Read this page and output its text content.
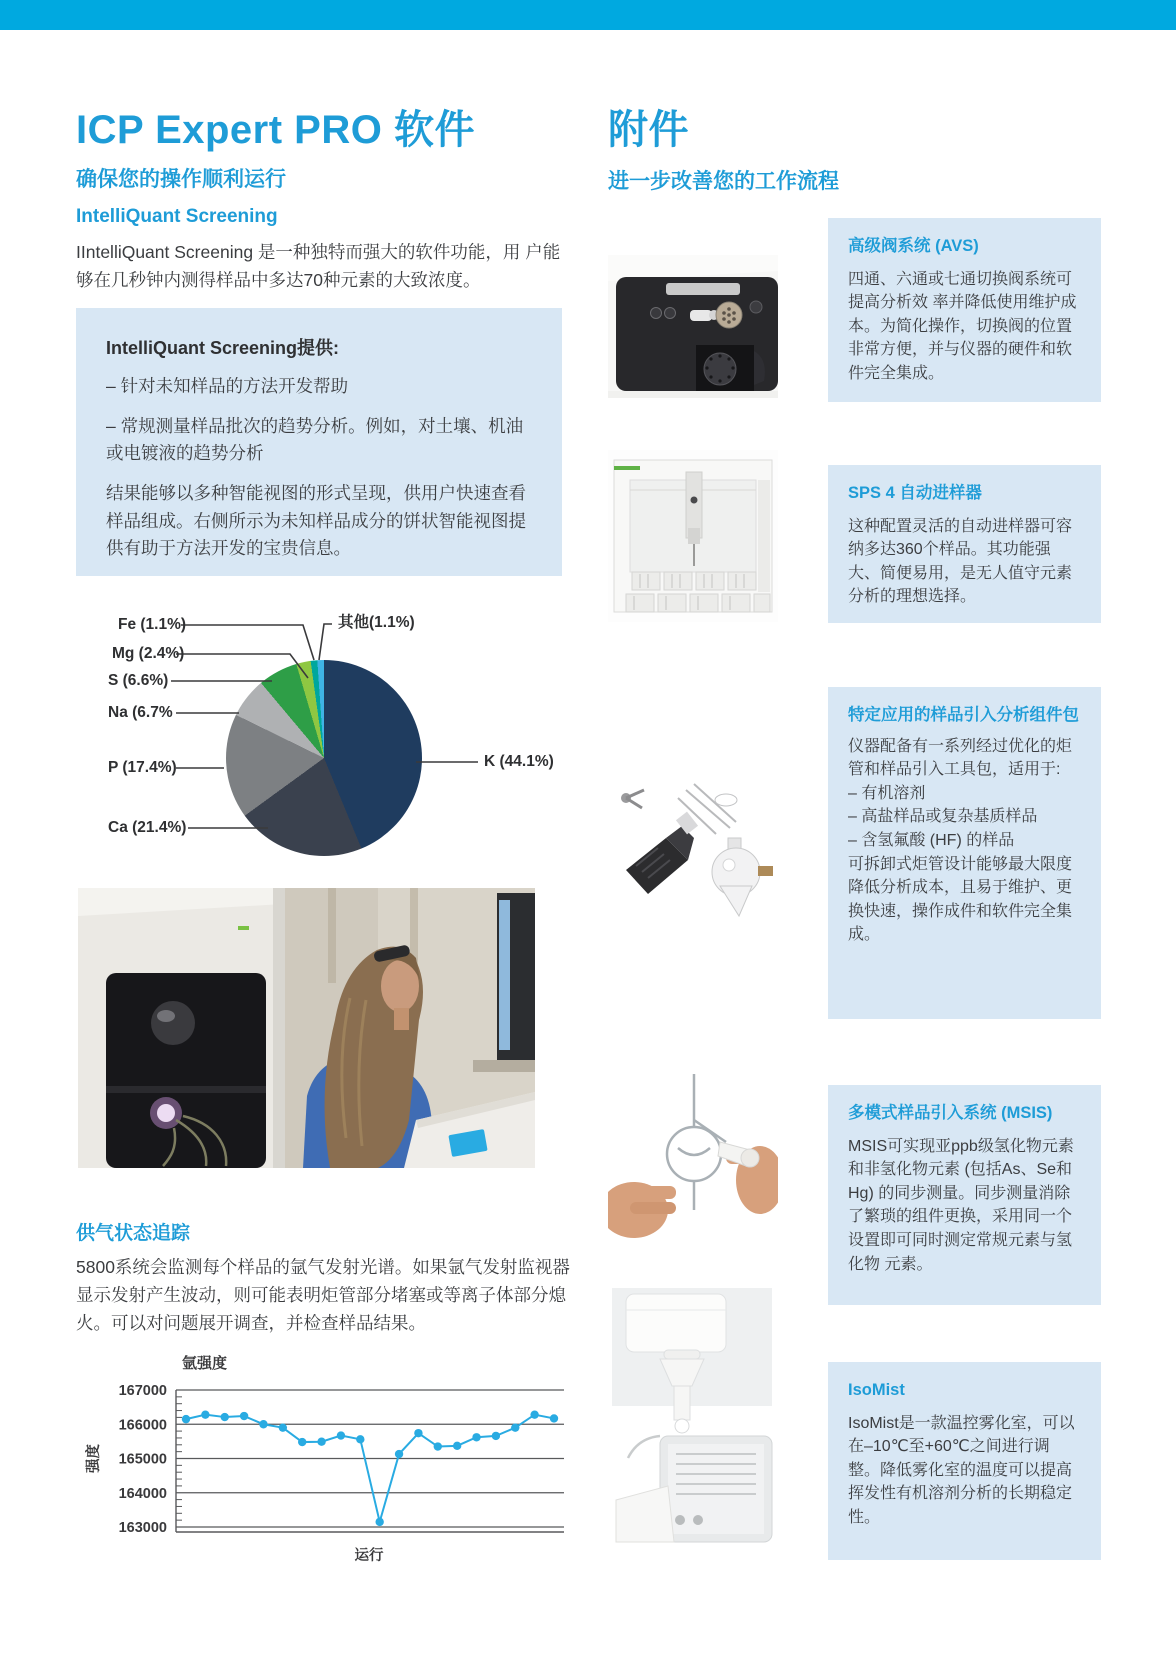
ICP Expert PRO 软件
确保您的操作顺利运行
IntelliQuant Screening
IIntelliQuant Screening 是一种独特而强大的软件功能，用 户能够在几秒钟内测得样品中多达70种元素的大致浓度。
IntelliQuant Screening提供:
– 针对未知样品的方法开发帮助
– 常规测量样品批次的趋势分析。例如，对土壤、机油或电镀液的趋势分析
结果能够以多种智能视图的形式呈现，供用户快速查看样品组成。右侧所示为未知样品成分的饼状智能视图提供有助于方法开发的宝贵信息。
Fe (1.1%)
Mg (2.4%)
S (6.6%)
Na (6.7%
P (17.4%)
Ca (21.4%)
K (44.1%)
其他(1.1%)
供气状态追踪
5800系统会监测每个样品的氩气发射光谱。如果氩气发射监视器显示发射产生波动，则可能表明炬管部分堵塞或等离子体部分熄火。可以对问题展开调查，并检查样品结果。
氩强度
强度
167000
166000
165000
164000
163000
运行
附件
进一步改善您的工作流程
高级阀系统 (AVS)
四通、六通或七通切换阀系统可提高分析效 率并降低使用维护成本。为简化操作，切换阀的位置非常方便，并与仪器的硬件和软件完全集成。
SPS 4 自动进样器
这种配置灵活的自动进样器可容纳多达360个样品。其功能强大、简便易用，是无人值守元素分析的理想选择。
特定应用的样品引入分析组件包
仪器配备有一系列经过优化的炬管和样品引入工具包，适用于:
– 有机溶剂
– 高盐样品或复杂基质样品
– 含氢氟酸 (HF) 的样品
可拆卸式炬管设计能够最大限度降低分析成本，且易于维护、更换快速，操作成件和软件完全集成。
多模式样品引入系统 (MSIS)
MSIS可实现亚ppb级氢化物元素和非氢化物元素 (包括As、Se和Hg) 的同步测量。同步测量消除了繁琐的组件更换，采用同一个设置即可同时测定常规元素与氢化物 元素。
IsoMist
IsoMist是一款温控雾化室，可以在–10℃至+60℃之间进行调整。降低雾化室的温度可以提高挥发性有机溶剂分析的长期稳定性。
